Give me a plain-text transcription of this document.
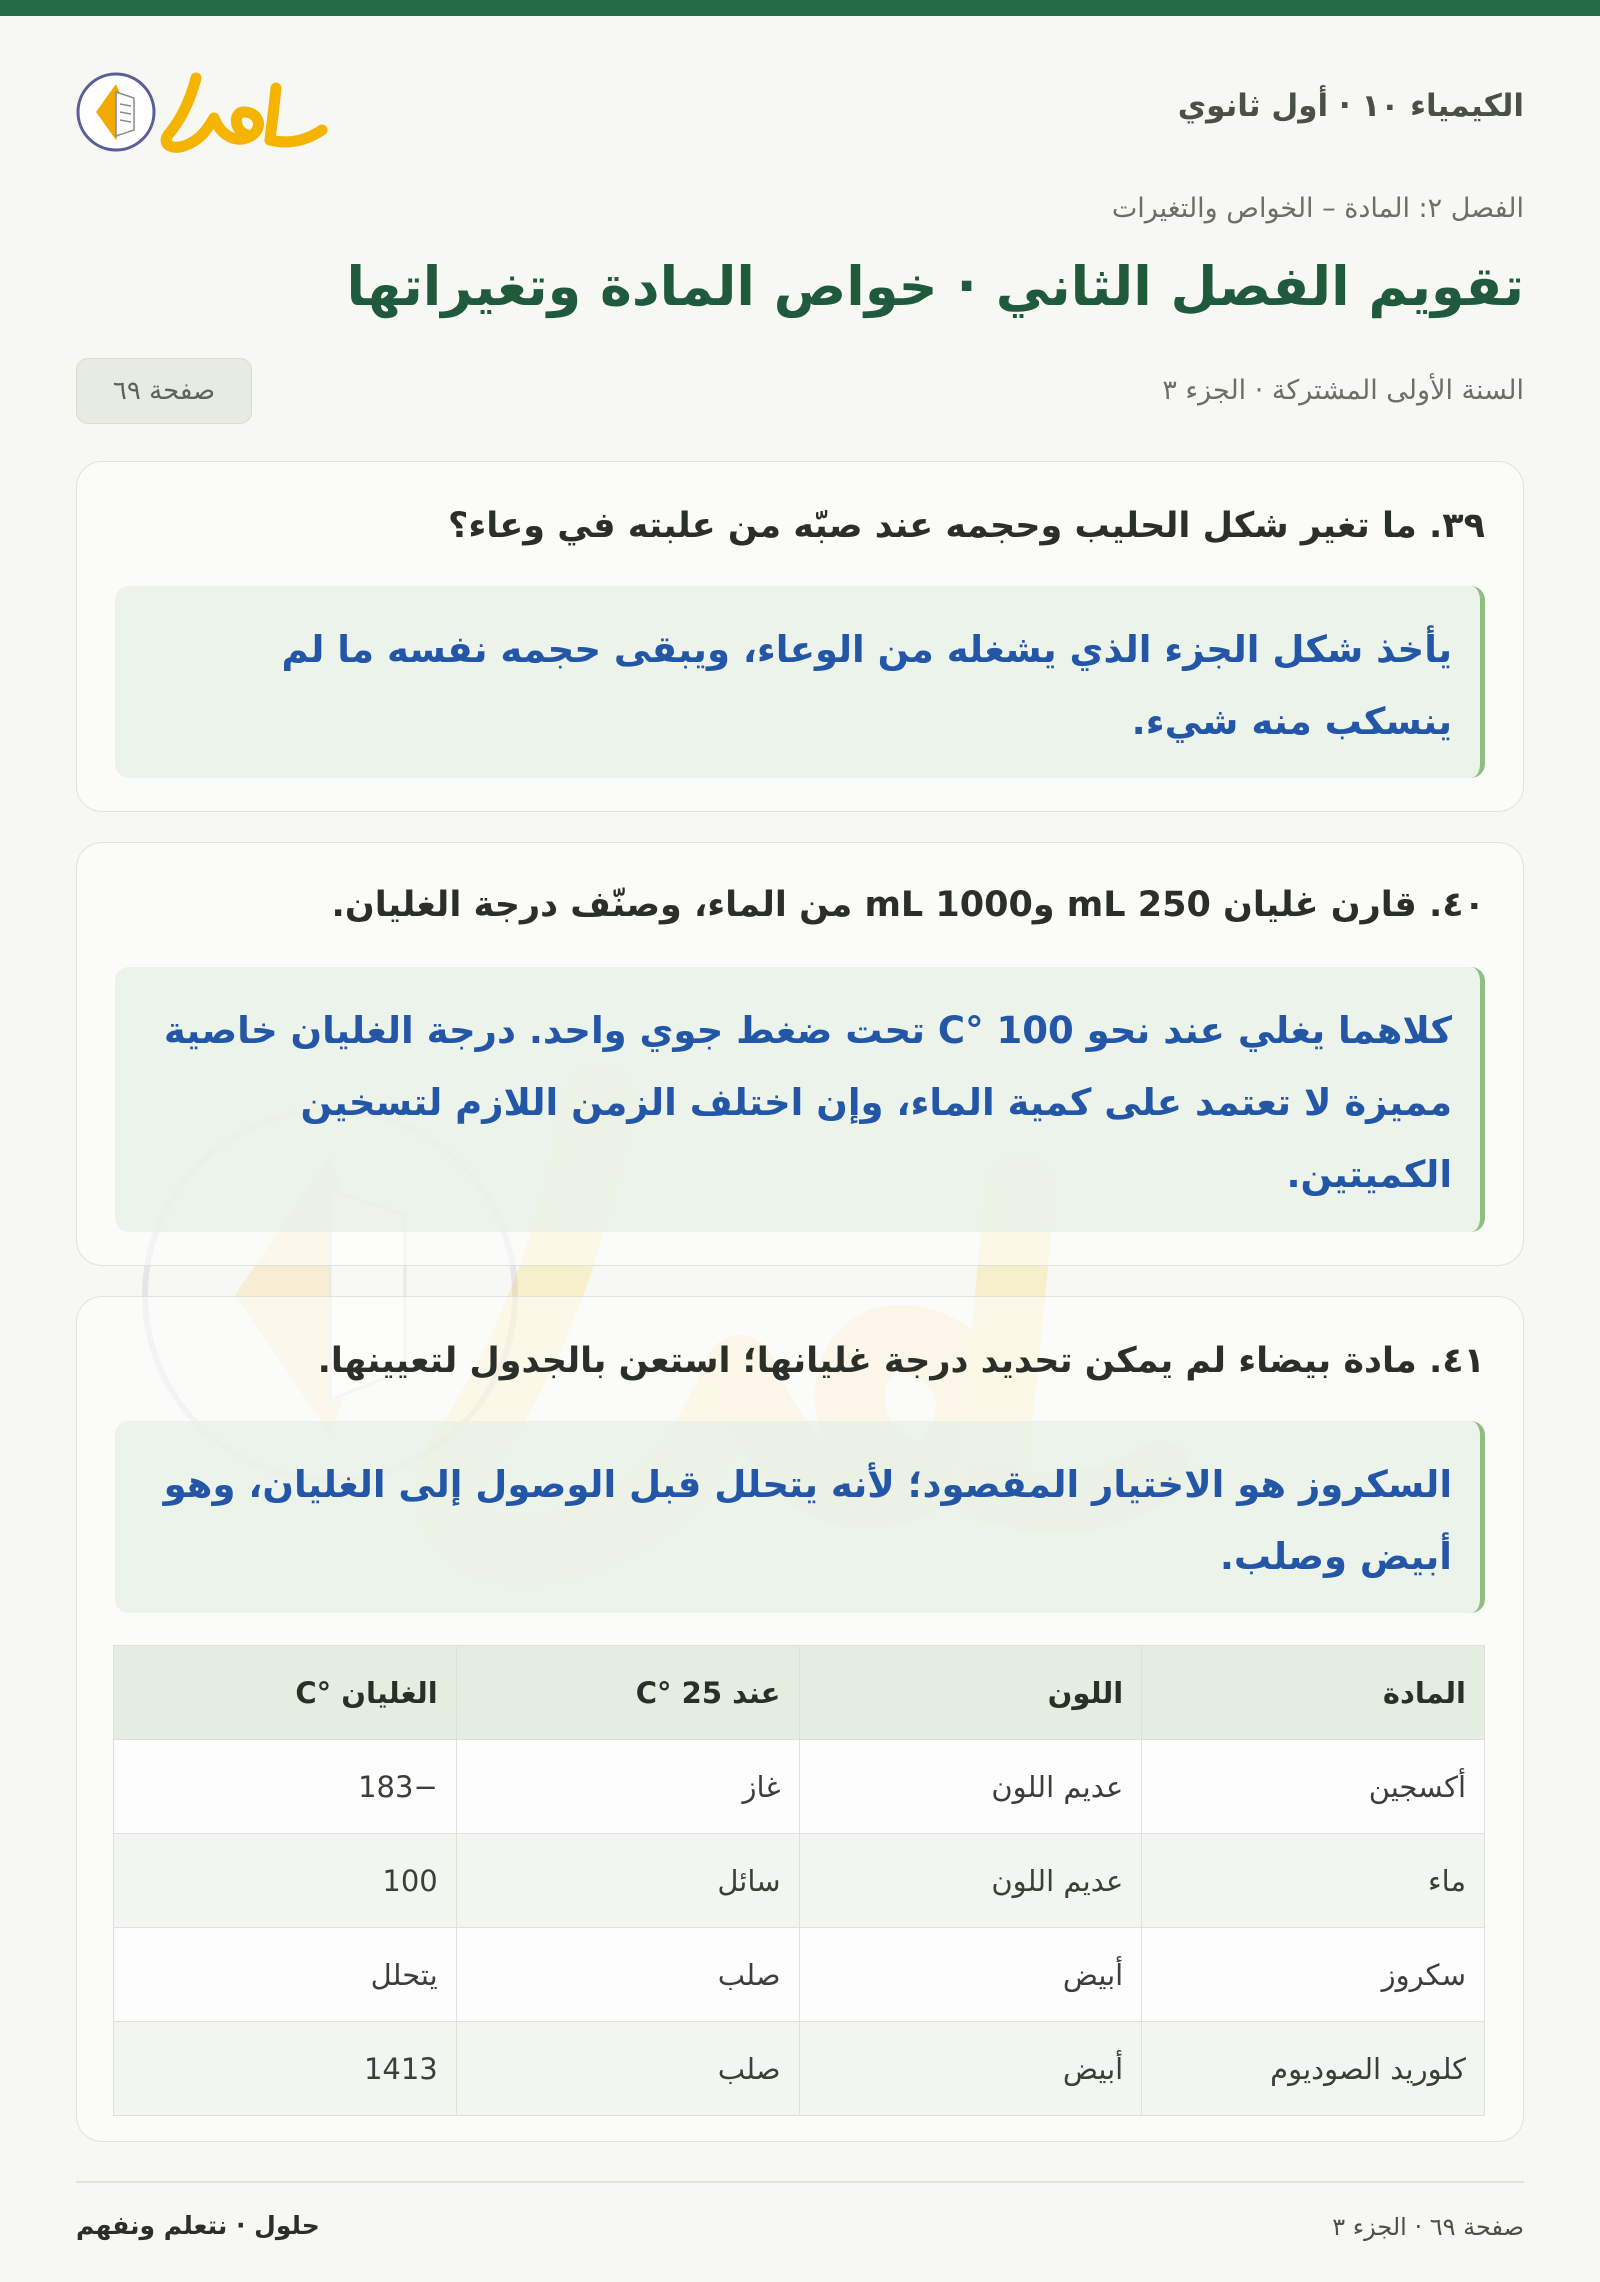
الكيمياء ١٠ · أول ثانوي
الفصل ٢: المادة – الخواص والتغيرات
تقويم الفصل الثاني · خواص المادة وتغيراتها
السنة الأولى المشتركة · الجزء ٣
صفحة ٦٩
٣٩. ما تغير شكل الحليب وحجمه عند صبّه من علبته في وعاء؟
يأخذ شكل الجزء الذي يشغله من الوعاء، ويبقى حجمه نفسه ما لم ينسكب منه شيء.
٤٠. قارن غليان 250 mL و1000 mL من الماء، وصنّف درجة الغليان.
كلاهما يغلي عند نحو 100 °C تحت ضغط جوي واحد. درجة الغليان خاصية مميزة لا تعتمد على كمية الماء، وإن اختلف الزمن اللازم لتسخين الكميتين.
٤١. مادة بيضاء لم يمكن تحديد درجة غليانها؛ استعن بالجدول لتعيينها.
السكروز هو الاختيار المقصود؛ لأنه يتحلل قبل الوصول إلى الغليان، وهو أبيض وصلب.
المادة	اللون	عند 25 °C	الغليان °C
أكسجين	عديم اللون	غاز	−183
ماء	عديم اللون	سائل	100
سكروز	أبيض	صلب	يتحلل
كلوريد الصوديوم	أبيض	صلب	1413
صفحة ٦٩ · الجزء ٣
حلول · نتعلم ونفهم
